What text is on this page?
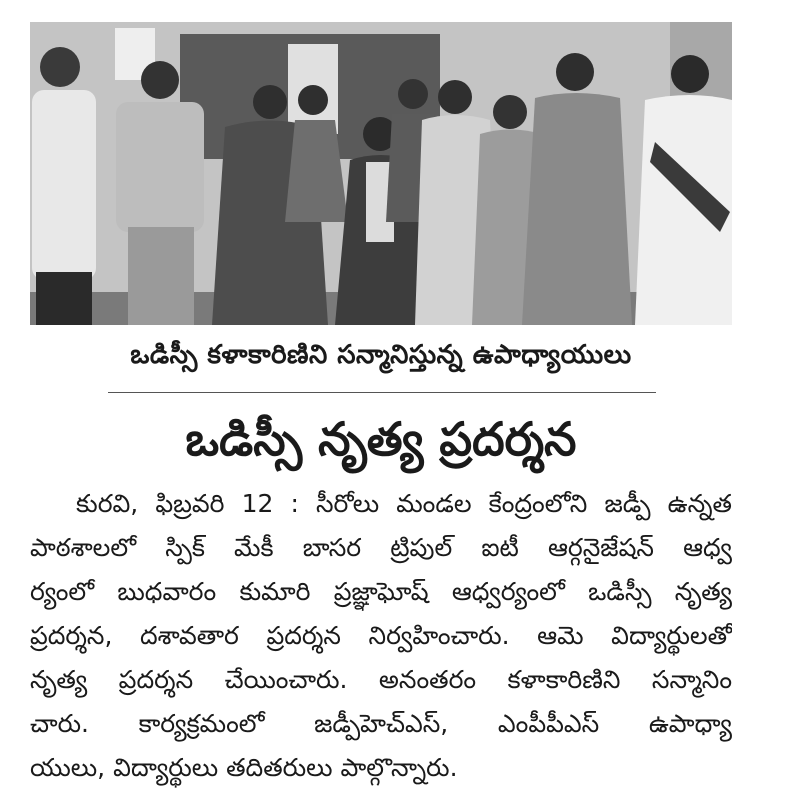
ఒడిస్సీ కళాకారిణిని సన్మానిస్తున్న ఉపాధ్యాయులు
ఒడిస్సీ నృత్య ప్రదర్శన
కురవి, ఫిబ్రవరి 12 : సీరోలు మండల కేంద్రంలోని జడ్పీ ఉన్నత
పాఠశాలలో స్పిక్ మేకీ బాసర ట్రిపుల్ ఐటీ ఆర్గనైజేషన్ ఆధ్వ
ర్యంలో బుధవారం కుమారి ప్రజ్ఞాఘోష్ ఆధ్వర్యంలో ఒడిస్సీ నృత్య
ప్రదర్శన, దశావతార ప్రదర్శన నిర్వహించారు. ఆమె విద్యార్థులతో
నృత్య ప్రదర్శన చేయించారు. అనంతరం కళాకారిణిని సన్మానిం
చారు. కార్యక్రమంలో జడ్పీహెచ్ఎస్, ఎంపీపీఎస్ ఉపాధ్యా
యులు, విద్యార్థులు తదితరులు పాల్గొన్నారు.
